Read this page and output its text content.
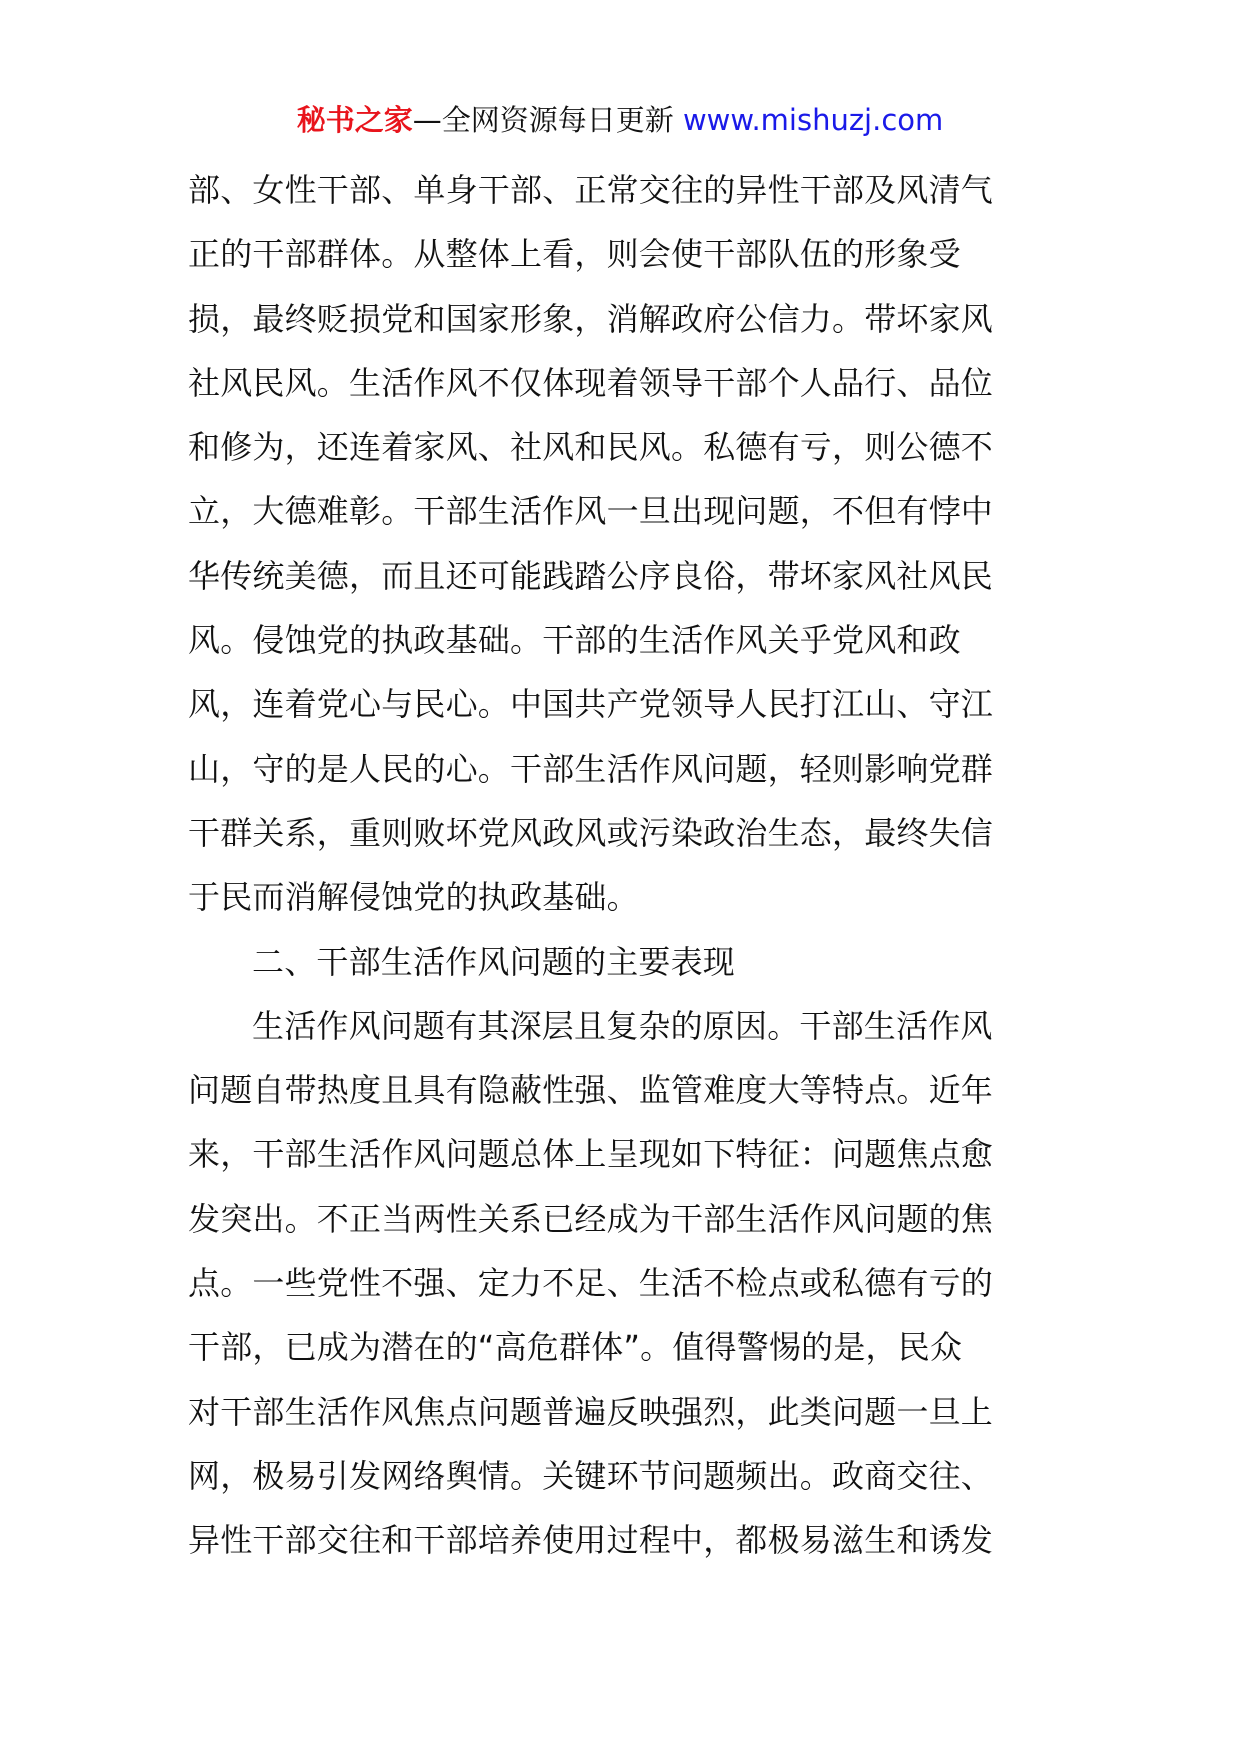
秘书之家—全网资源每日更新 www.mishuzj.com
部、女性干部、单身干部、正常交往的异性干部及风清气
正的干部群体。从整体上看，则会使干部队伍的形象受
损，最终贬损党和国家形象，消解政府公信力。带坏家风
社风民风。生活作风不仅体现着领导干部个人品行、品位
和修为，还连着家风、社风和民风。私德有亏，则公德不
立，大德难彰。干部生活作风一旦出现问题，不但有悖中
华传统美德，而且还可能践踏公序良俗，带坏家风社风民
风。侵蚀党的执政基础。干部的生活作风关乎党风和政
风，连着党心与民心。中国共产党领导人民打江山、守江
山，守的是人民的心。干部生活作风问题，轻则影响党群
干群关系，重则败坏党风政风或污染政治生态，最终失信
于民而消解侵蚀党的执政基础。
二、干部生活作风问题的主要表现
生活作风问题有其深层且复杂的原因。干部生活作风
问题自带热度且具有隐蔽性强、监管难度大等特点。近年
来，干部生活作风问题总体上呈现如下特征：问题焦点愈
发突出。不正当两性关系已经成为干部生活作风问题的焦
点。一些党性不强、定力不足、生活不检点或私德有亏的
干部，已成为潜在的“高危群体”。值得警惕的是，民众
对干部生活作风焦点问题普遍反映强烈，此类问题一旦上
网，极易引发网络舆情。关键环节问题频出。政商交往、
异性干部交往和干部培养使用过程中，都极易滋生和诱发
